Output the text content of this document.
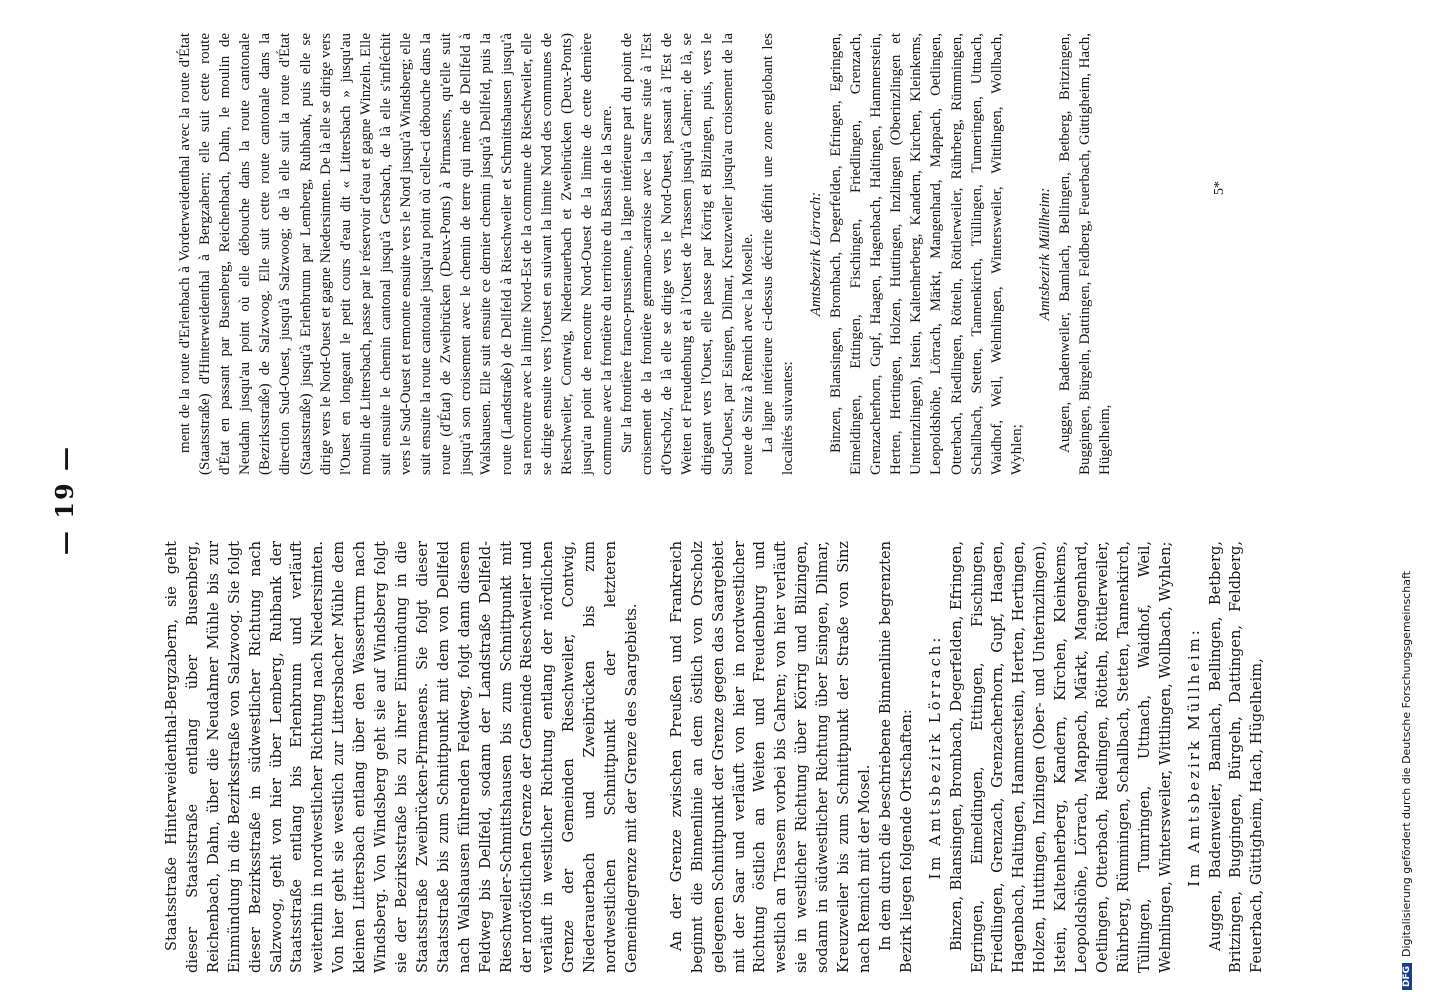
— 19 —

Staatsstraße Hinterweidenthal-Bergzabern, sie geht dieser Staatsstraße entlang über Busenberg, Reichenbach, Dahn, über die Neudahner Mühle bis zur Einmündung in die Bezirksstraße von Salzwoog. Sie folgt dieser Bezirksstraße in südwestlicher Richtung nach Salzwoog, geht von hier über Lemberg, Ruhbank der Staatsstraße entlang bis Erlenbrunn und verläuft weiterhin in nordwestlicher Richtung nach Niedersimten. Von hier geht sie westlich zur Littersbacher Mühle dem kleinen Littersbach entlang über den Wasserturm nach Windsberg. Von Windsberg geht sie auf Windsberg folgt sie der Bezirksstraße bis zu ihrer Einmündung in die Staatsstraße Zweibrücken-Pirmasens. Sie folgt dieser Staatsstraße bis zum Schnittpunkt mit dem von Dellfeld nach Walshausen führenden Feldweg, folgt dann diesem Feldweg bis Dellfeld, sodann der Landstraße Dellfeld-Rieschweiler-Schmittshausen bis zum Schnittpunkt mit der nordöstlichen Grenze der Gemeinde Rieschweiler und verläuft in westlicher Richtung entlang der nördlichen Grenze der Gemeinden Rieschweiler, Contwig, Niederauerbach und Zweibrücken bis zum nordwestlichen Schnittpunkt der letzteren Gemeindegrenze mit der Grenze des Saargebiets. An der Grenze zwischen Preußen und Frankreich beginnt die Binnenlinie an dem östlich von Orscholz gelegenen Schnittpunkt der Grenze gegen das Saargebiet mit der Saar und verläuft von hier in nordwestlicher Richtung östlich an Weiten und Freudenburg und westlich an Trassem vorbei bis Cahren; von hier verläuft sie in westlicher Richtung über Körrig und Bilzingen, sodann in südwestlicher Richtung über Esingen, Dilmar, Kreuzweiler bis zum Schnittpunkt der Straße von Sinz nach Remich mit der Mosel. In dem durch die beschriebene Binnenlinie begrenzten Bezirk liegen folgende Ortschaften: Im Amtsbezirk Lörrach: Binzen, Blansingen, Brombach, Degerfelden, Efringen, Egringen, Eimeldingen, Ettingen, Fischingen, Friedlingen, Grenzach, Grenzacherhorn, Gupf, Haagen, Hagenbach, Haltingen, Hammerstein, Herten, Hertingen, Holzen, Huttingen, Inzlingen (Ober- und Unterinzlingen), Istein, Kaltenherberg, Kandern, Kirchen, Kleinkems, Leopoldshöhe, Lörrach, Mappach, Märkt, Mangenhard, Oetlingen, Otterbach, Riedlingen, Rötteln, Röttlerweiler, Rührberg, Rümmingen, Schallbach, Stetten, Tannenkirch, Tüllingen, Tumringen, Uttnach, Waidhof, Weil, Welmlingen, Wintersweiler, Wittlingen, Wollbach, Wyhlen; Im Amtsbezirk Müllheim: Auggen, Badenweiler, Bamlach, Bellingen, Betberg, Britzingen, Buggingen, Bürgeln, Dattingen, Feldberg, Feuerbach, Güttigheim, Hach, Hügelheim,

ment de la route d'Erlenbach à Vorderweidenthal avec la route d'État (Staatsstraße) d'Hinterweidenthal à Bergzabern; elle suit cette route d'État en passant par Busenberg, Reichenbach, Dahn, le moulin de Neudahn jusqu'au point où elle débouche dans la route cantonale (Bezirksstraße) de Salzwoog. Elle suit cette route cantonale dans la direction Sud-Ouest, jusqu'à Salzwoog; de là elle suit la route d'État (Staatsstraße) jusqu'à Erlenbrunn par Lemberg, Ruhbank, puis elle se dirige vers le Nord-Ouest et gagne Niedersimten. De là elle se dirige vers l'Ouest en longeant le petit cours d'eau dit « Littersbach » jusqu'au moulin de Littersbach, passe par le réservoir d'eau et gagne Winzeln. Elle suit ensuite le chemin cantonal jusqu'à Gersbach, de là elle s'infléchit vers le Sud-Ouest et remonte ensuite vers le Nord jusqu'à Windsberg; elle suit ensuite la route cantonale jusqu'au point où celle-ci débouche dans la route (d'État) de Zweibrücken (Deux-Ponts) à Pirmasens, qu'elle suit jusqu'à son croisement avec le chemin de terre qui mène de Dellfeld à Walshausen. Elle suit ensuite ce dernier chemin jusqu'à Dellfeld, puis la route (Landstraße) de Dellfeld à Rieschweiler et Schmittshausen jusqu'à sa rencontre avec la limite Nord-Est de la commune de Rieschweiler, elle se dirige ensuite vers l'Ouest en suivant la limite Nord des communes de Rieschweiler, Contwig, Niederauerbach et Zweibrücken (Deux-Ponts) jusqu'au point de rencontre Nord-Ouest de la limite de cette dernière commune avec la frontière du territoire du Bassin de la Sarre. Sur la frontière franco-prussienne, la ligne intérieure part du point de croisement de la frontière germano-sarroise avec la Sarre situé à l'Est d'Orscholz, de là elle se dirige vers le Nord-Ouest, passant à l'Est de Weiten et Freudenburg et à l'Ouest de Trassem jusqu'à Cahren; de là, se dirigeant vers l'Ouest, elle passe par Körrig et Bilzingen, puis, vers le Sud-Ouest, par Esingen, Dilmar, Kreuzweiler jusqu'au croisement de la route de Sinz à Remich avec la Moselle. La ligne intérieure ci-dessus décrite définit une zone englobant les localités suivantes:

Amtsbezirk Lörrach: Binzen, Blansingen, Brombach, Degerfelden, Efringen, Egringen, Eimeldingen, Ettingen, Fischingen, Friedlingen, Grenzach, Grenzacherhorn, Gupf, Haagen, Hagenbach, Haltingen, Hammerstein, Herten, Hertingen, Holzen, Huttingen, Inzlingen (Oberinzlingen et Unterinzlingen), Istein, Kaltenherberg, Kandern, Kirchen, Kleinkems, Leopoldshöhe, Lörrach, Märkt, Mangenhard, Mappach, Oetlingen, Otterbach, Riedlingen, Rötteln, Röttlerweiler, Rührberg, Rümmingen, Schallbach, Stetten, Tannenkirch, Tüllingen, Tumeringen, Uttnach, Waidhof, Weil, Welmlingen, Wintersweiler, Wittlingen, Wollbach, Wyhlen;

Amtsbezirk Müllheim: Auggen, Badenweiler, Bamlach, Bellingen, Betberg, Britzingen, Buggingen, Bürgeln, Dattingen, Feldberg, Feuerbach, Güttigheim, Hach, Hügelheim,

5*
DFGDigitalisierung gefördert durch die Deutsche Forschungsgemeinschaft
